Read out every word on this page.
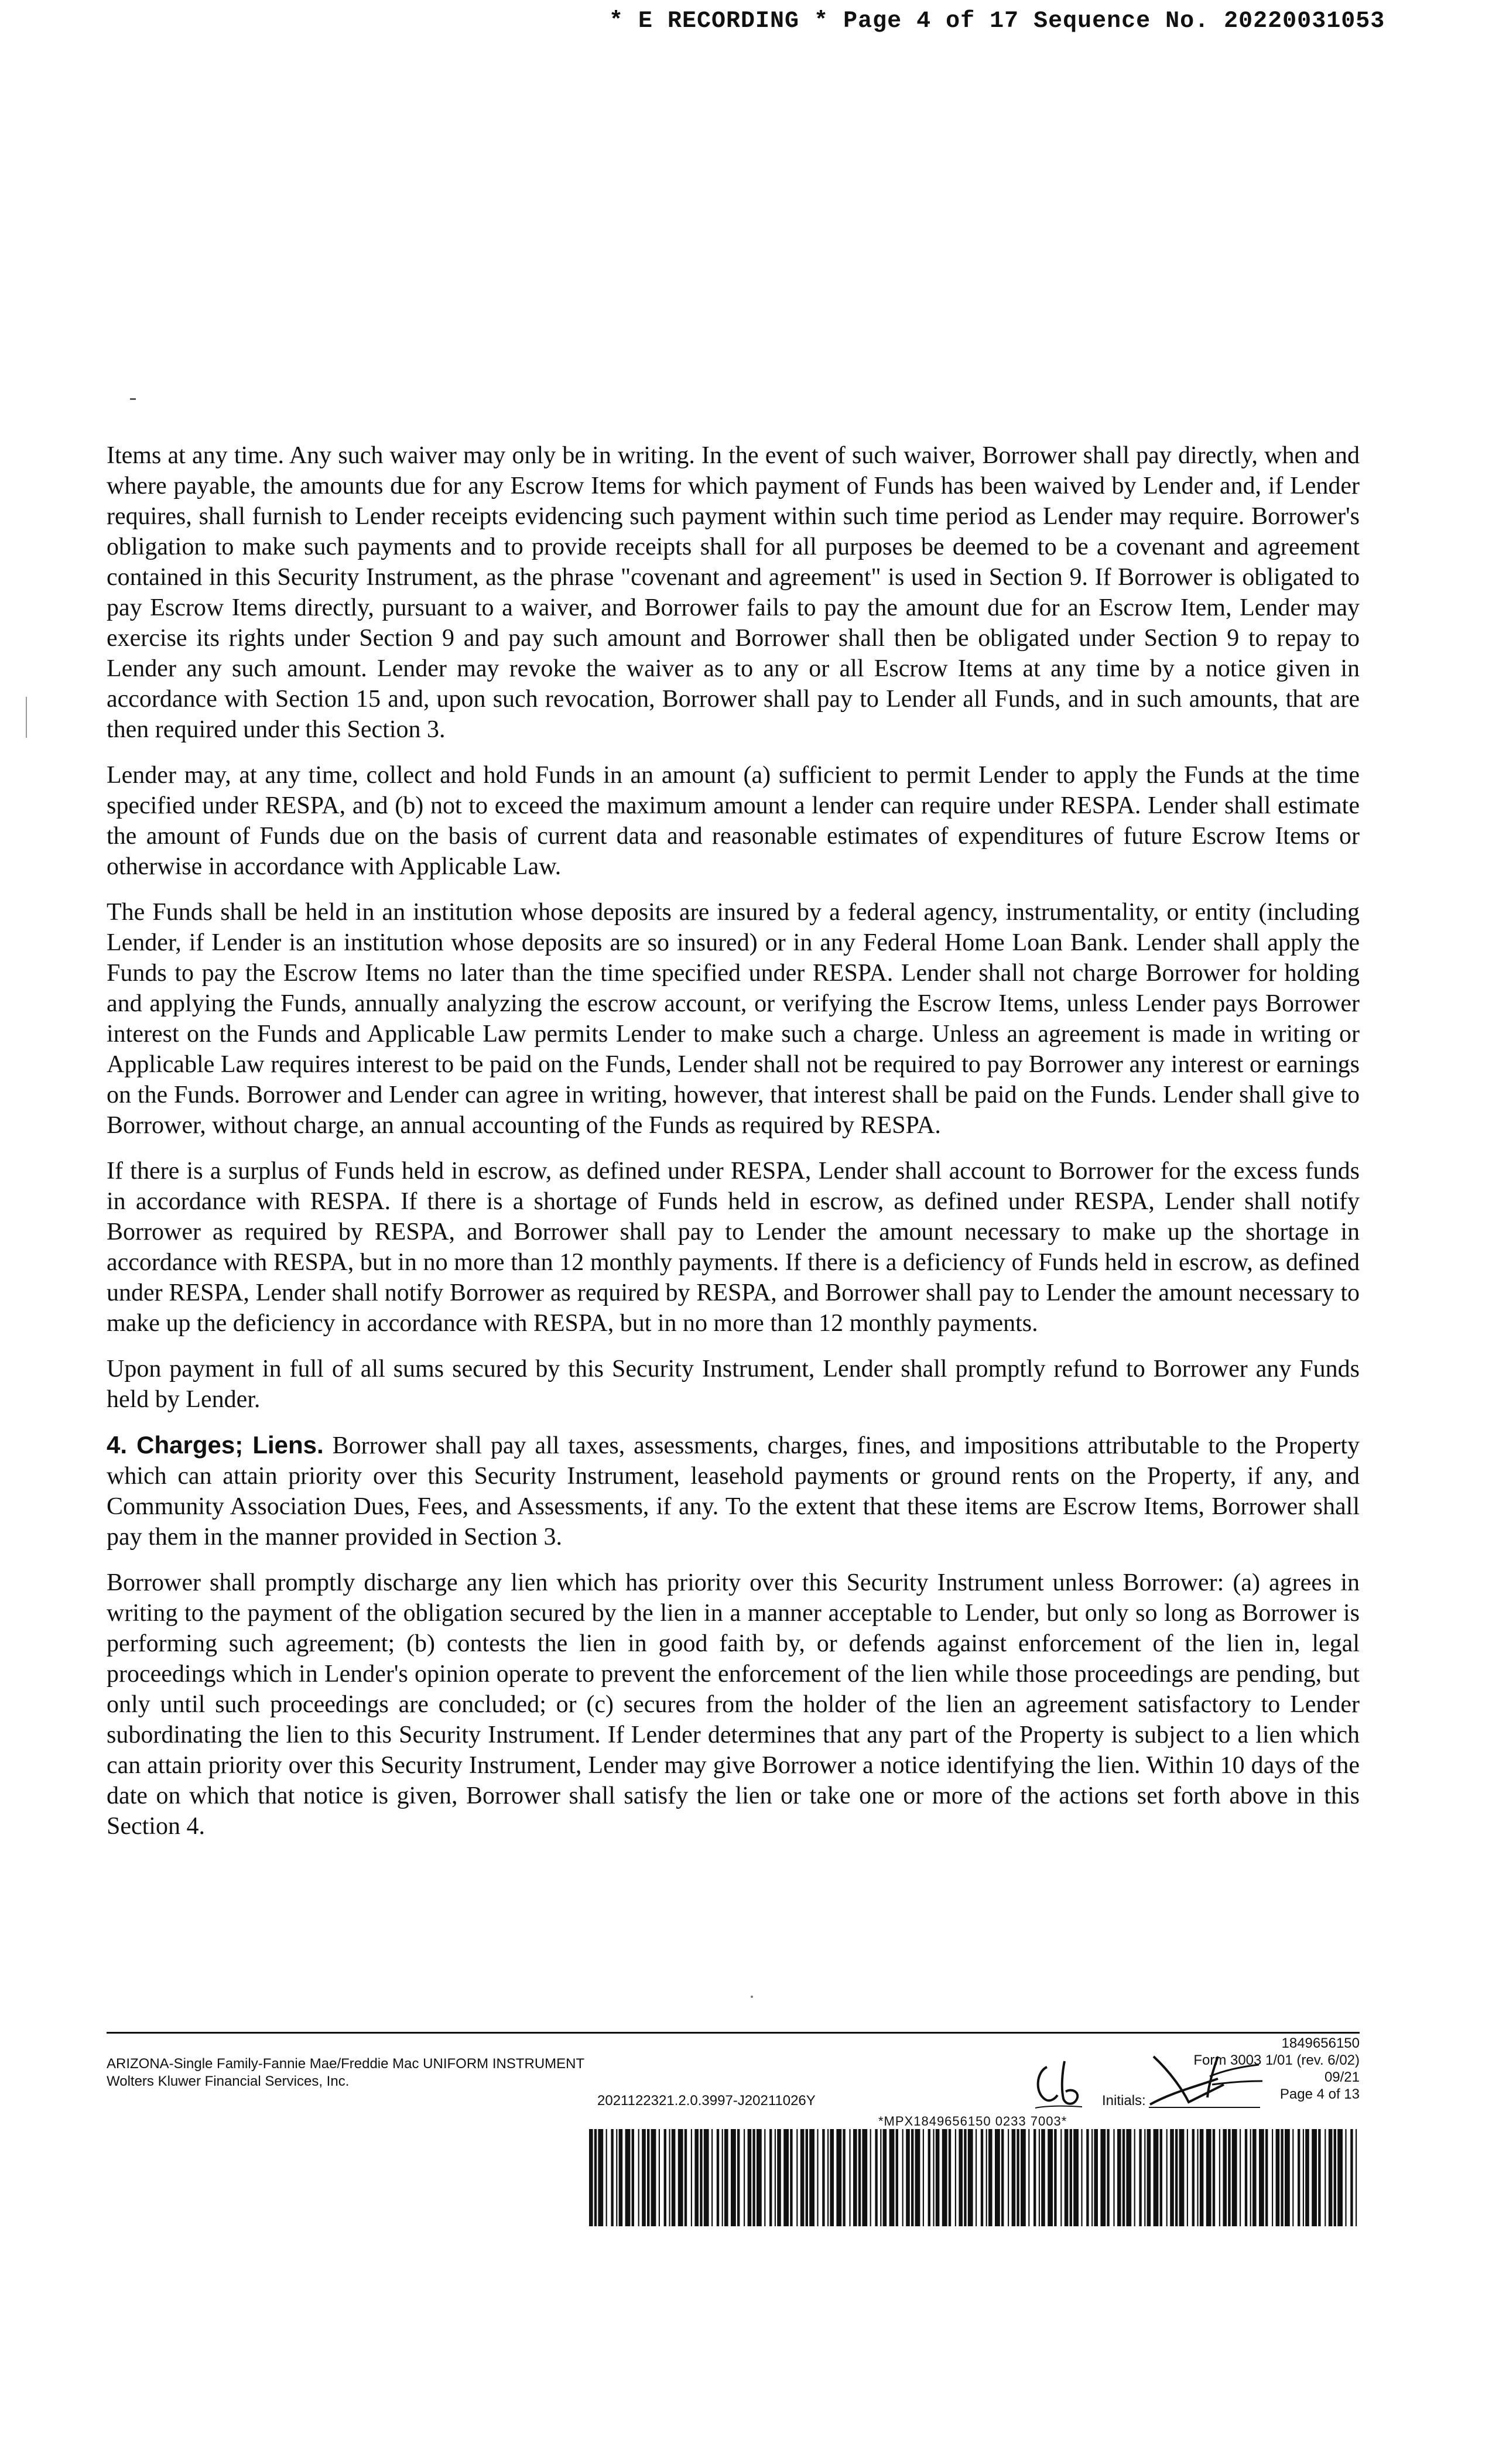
* E RECORDING * Page 4 of 17 Sequence No. 20220031053

Items at any time. Any such waiver may only be in writing. In the event of such waiver, Borrower shall pay directly, when and where payable, the amounts due for any Escrow Items for which payment of Funds has been waived by Lender and, if Lender requires, shall furnish to Lender receipts evidencing such payment within such time period as Lender may require. Borrower's obligation to make such payments and to provide receipts shall for all purposes be deemed to be a covenant and agreement contained in this Security Instrument, as the phrase "covenant and agreement" is used in Section 9. If Borrower is obligated to pay Escrow Items directly, pursuant to a waiver, and Borrower fails to pay the amount due for an Escrow Item, Lender may exercise its rights under Section 9 and pay such amount and Borrower shall then be obligated under Section 9 to repay to Lender any such amount. Lender may revoke the waiver as to any or all Escrow Items at any time by a notice given in accordance with Section 15 and, upon such revocation, Borrower shall pay to Lender all Funds, and in such amounts, that are then required under this Section 3.

Lender may, at any time, collect and hold Funds in an amount (a) sufficient to permit Lender to apply the Funds at the time specified under RESPA, and (b) not to exceed the maximum amount a lender can require under RESPA. Lender shall estimate the amount of Funds due on the basis of current data and reasonable estimates of expenditures of future Escrow Items or otherwise in accordance with Applicable Law.

The Funds shall be held in an institution whose deposits are insured by a federal agency, instrumentality, or entity (including Lender, if Lender is an institution whose deposits are so insured) or in any Federal Home Loan Bank. Lender shall apply the Funds to pay the Escrow Items no later than the time specified under RESPA. Lender shall not charge Borrower for holding and applying the Funds, annually analyzing the escrow account, or verifying the Escrow Items, unless Lender pays Borrower interest on the Funds and Applicable Law permits Lender to make such a charge. Unless an agreement is made in writing or Applicable Law requires interest to be paid on the Funds, Lender shall not be required to pay Borrower any interest or earnings on the Funds. Borrower and Lender can agree in writing, however, that interest shall be paid on the Funds. Lender shall give to Borrower, without charge, an annual accounting of the Funds as required by RESPA.

If there is a surplus of Funds held in escrow, as defined under RESPA, Lender shall account to Borrower for the excess funds in accordance with RESPA. If there is a shortage of Funds held in escrow, as defined under RESPA, Lender shall notify Borrower as required by RESPA, and Borrower shall pay to Lender the amount necessary to make up the shortage in accordance with RESPA, but in no more than 12 monthly payments. If there is a deficiency of Funds held in escrow, as defined under RESPA, Lender shall notify Borrower as required by RESPA, and Borrower shall pay to Lender the amount necessary to make up the deficiency in accordance with RESPA, but in no more than 12 monthly payments.

Upon payment in full of all sums secured by this Security Instrument, Lender shall promptly refund to Borrower any Funds held by Lender.

4. Charges; Liens. Borrower shall pay all taxes, assessments, charges, fines, and impositions attributable to the Property which can attain priority over this Security Instrument, leasehold payments or ground rents on the Property, if any, and Community Association Dues, Fees, and Assessments, if any. To the extent that these items are Escrow Items, Borrower shall pay them in the manner provided in Section 3.

Borrower shall promptly discharge any lien which has priority over this Security Instrument unless Borrower: (a) agrees in writing to the payment of the obligation secured by the lien in a manner acceptable to Lender, but only so long as Borrower is performing such agreement; (b) contests the lien in good faith by, or defends against enforcement of the lien in, legal proceedings which in Lender's opinion operate to prevent the enforcement of the lien while those proceedings are pending, but only until such proceedings are concluded; or (c) secures from the holder of the lien an agreement satisfactory to Lender subordinating the lien to this Security Instrument. If Lender determines that any part of the Property is subject to a lien which can attain priority over this Security Instrument, Lender may give Borrower a notice identifying the lien. Within 10 days of the date on which that notice is given, Borrower shall satisfy the lien or take one or more of the actions set forth above in this Section 4.

ARIZONA-Single Family-Fannie Mae/Freddie Mac UNIFORM INSTRUMENT
Wolters Kluwer Financial Services, Inc.
2021122321.2.0.3997-J20211026Y
1849656150
Form 3003 1/01 (rev. 6/02)
09/21
Page 4 of 13
Initials:
*MPX1849656150 0233 7003*
